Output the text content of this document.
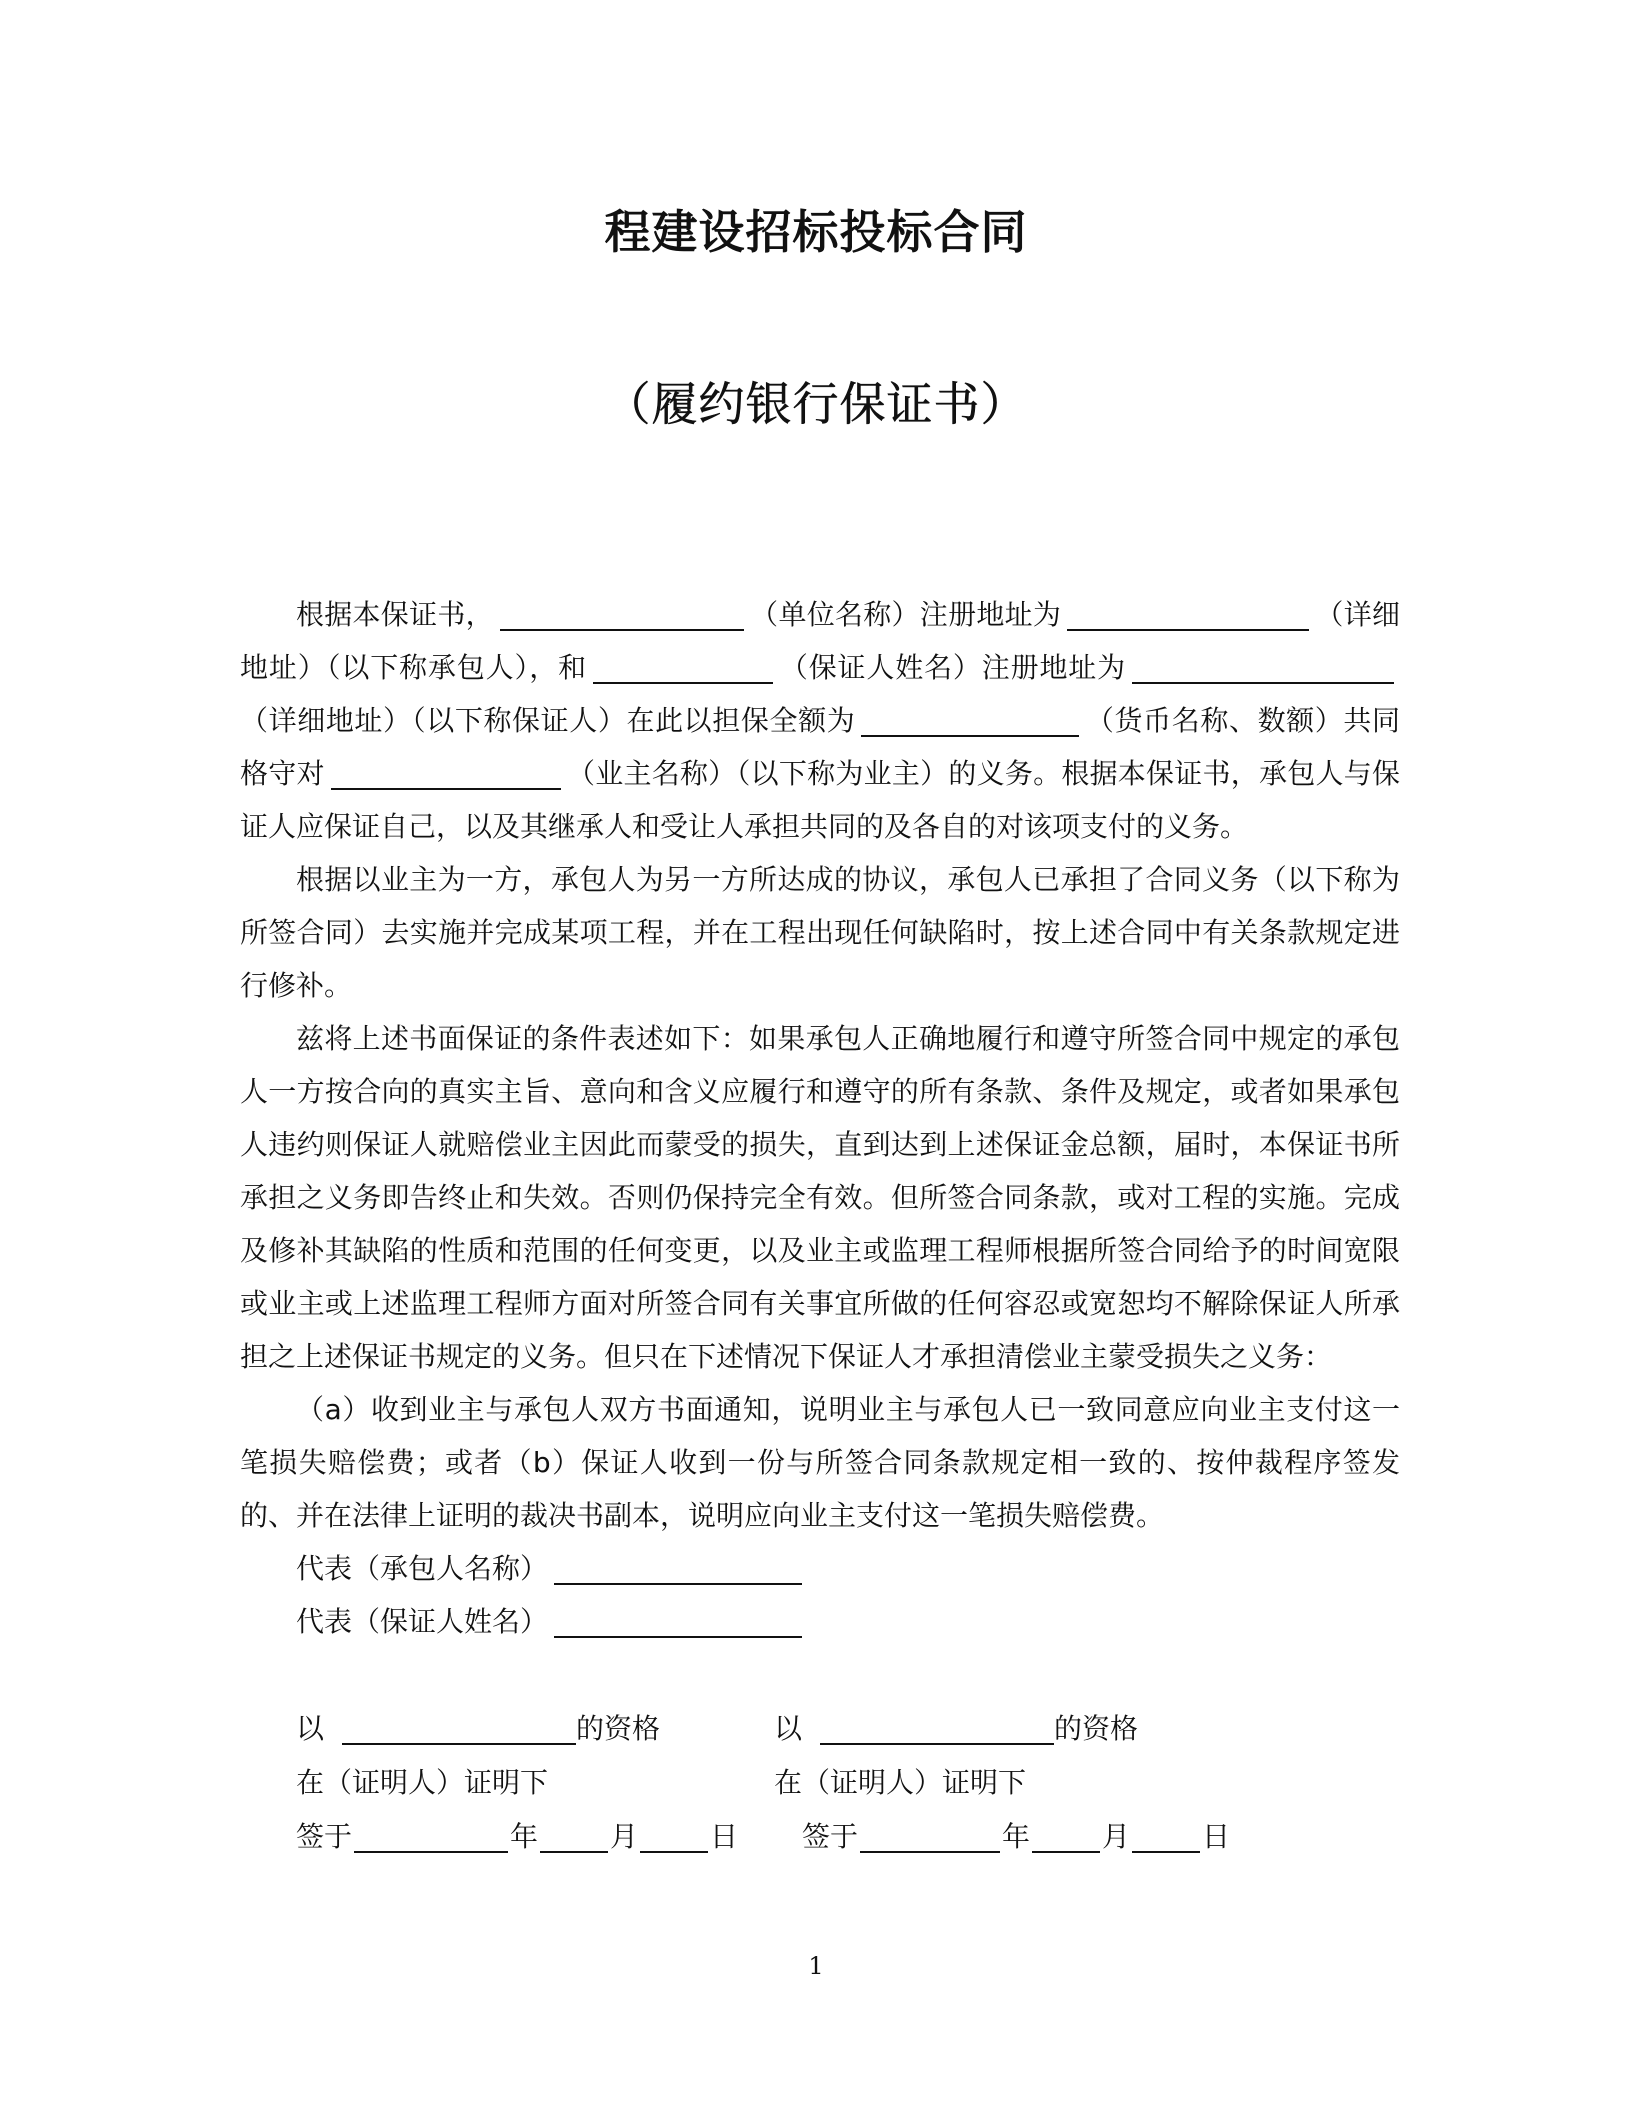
程建设招标投标合同
（履约银行保证书）

根据本保证书，	（单位名称）注册地址为	（详细地址）（以下称承包人），和	（保证人姓名）注册地址为（详细地址）（以下称保证人）在此以担保全额为	（货币名称、数额）共同格守对	（业主名称）（以下称为业主）的义务。根据本保证书，承包人与保证人应保证自己，以及其继承人和受让人承担共同的及各自的对该项支付的义务。

根据以业主为一方，承包人为另一方所达成的协议，承包人已承担了合同义务（以下称为所签合同）去实施并完成某项工程，并在工程出现任何缺陷时，按上述合同中有关条款规定进行修补。

兹将上述书面保证的条件表述如下：如果承包人正确地履行和遵守所签合同中规定的承包人一方按合向的真实主旨、意向和含义应履行和遵守的所有条款、条件及规定，或者如果承包人违约则保证人就赔偿业主因此而蒙受的损失，直到达到上述保证金总额，届时，本保证书所承担之义务即告终止和失效。否则仍保持完全有效。但所签合同条款，或对工程的实施。完成及修补其缺陷的性质和范围的任何变更，以及业主或监理工程师根据所签合同给予的时间宽限或业主或上述监理工程师方面对所签合同有关事宜所做的任何容忍或宽恕均不解除保证人所承担之上述保证书规定的义务。但只在下述情况下保证人才承担清偿业主蒙受损失之义务：

（a）收到业主与承包人双方书面通知，说明业主与承包人已一致同意应向业主支付这一笔损失赔偿费；或者（b）保证人收到一份与所签合同条款规定相一致的、按仲裁程序签发的、并在法律上证明的裁决书副本，说明应向业主支付这一笔损失赔偿费。

代表（承包人名称）
代表（保证人姓名）
以	的资格
在（证明人）证明下
签于	年	月	日
以	的资格
在（证明人）证明下
签于	年	月	日
1
